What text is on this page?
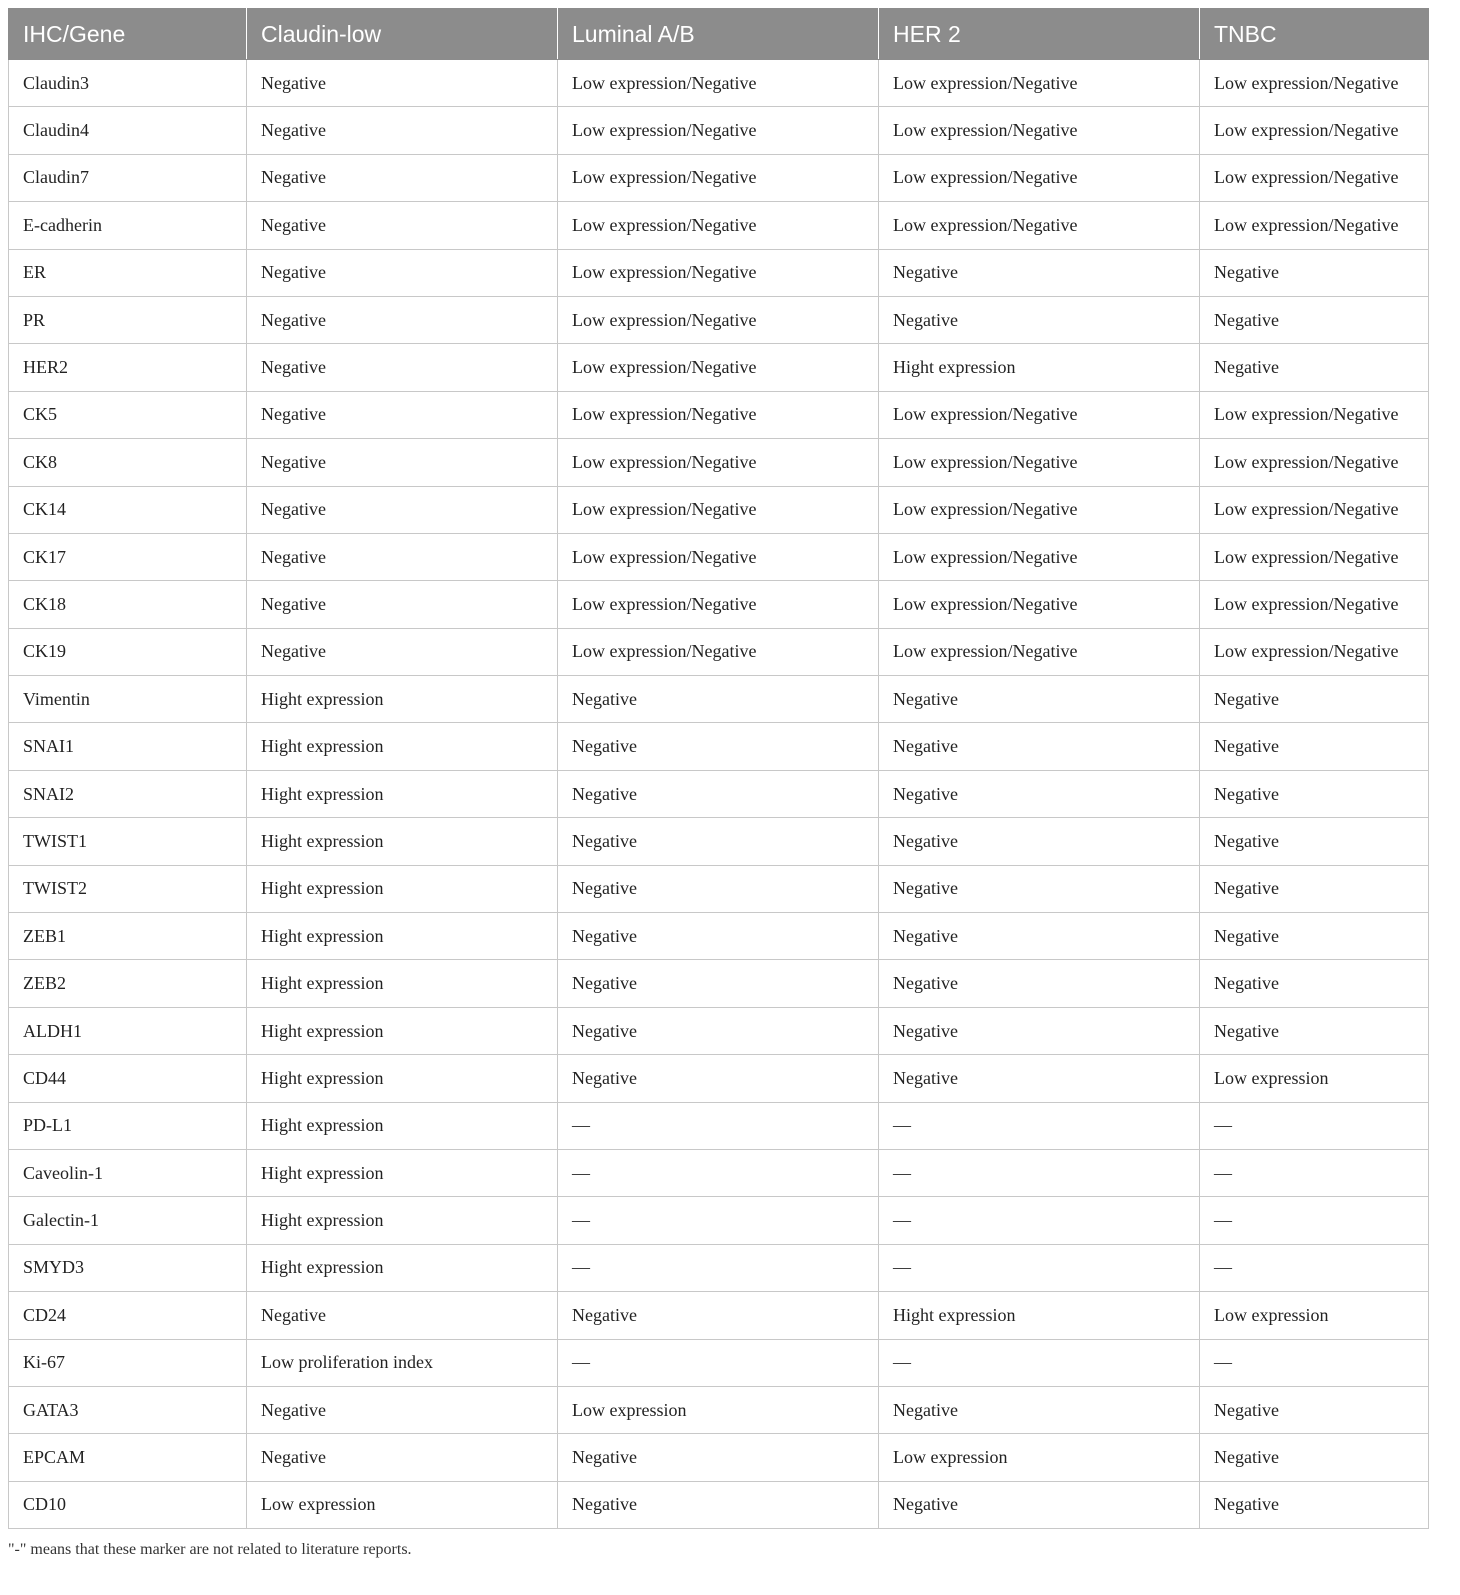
IHC/Gene	Claudin-low	Luminal A/B	HER 2	TNBC
Claudin3	Negative	Low expression/Negative	Low expression/Negative	Low expression/Negative
Claudin4	Negative	Low expression/Negative	Low expression/Negative	Low expression/Negative
Claudin7	Negative	Low expression/Negative	Low expression/Negative	Low expression/Negative
E-cadherin	Negative	Low expression/Negative	Low expression/Negative	Low expression/Negative
ER	Negative	Low expression/Negative	Negative	Negative
PR	Negative	Low expression/Negative	Negative	Negative
HER2	Negative	Low expression/Negative	Hight expression	Negative
CK5	Negative	Low expression/Negative	Low expression/Negative	Low expression/Negative
CK8	Negative	Low expression/Negative	Low expression/Negative	Low expression/Negative
CK14	Negative	Low expression/Negative	Low expression/Negative	Low expression/Negative
CK17	Negative	Low expression/Negative	Low expression/Negative	Low expression/Negative
CK18	Negative	Low expression/Negative	Low expression/Negative	Low expression/Negative
CK19	Negative	Low expression/Negative	Low expression/Negative	Low expression/Negative
Vimentin	Hight expression	Negative	Negative	Negative
SNAI1	Hight expression	Negative	Negative	Negative
SNAI2	Hight expression	Negative	Negative	Negative
TWIST1	Hight expression	Negative	Negative	Negative
TWIST2	Hight expression	Negative	Negative	Negative
ZEB1	Hight expression	Negative	Negative	Negative
ZEB2	Hight expression	Negative	Negative	Negative
ALDH1	Hight expression	Negative	Negative	Negative
CD44	Hight expression	Negative	Negative	Low expression
PD-L1	Hight expression	—	—	—
Caveolin-1	Hight expression	—	—	—
Galectin-1	Hight expression	—	—	—
SMYD3	Hight expression	—	—	—
CD24	Negative	Negative	Hight expression	Low expression
Ki-67	Low proliferation index	—	—	—
GATA3	Negative	Low expression	Negative	Negative
EPCAM	Negative	Negative	Low expression	Negative
CD10	Low expression	Negative	Negative	Negative
"-" means that these marker are not related to literature reports.
